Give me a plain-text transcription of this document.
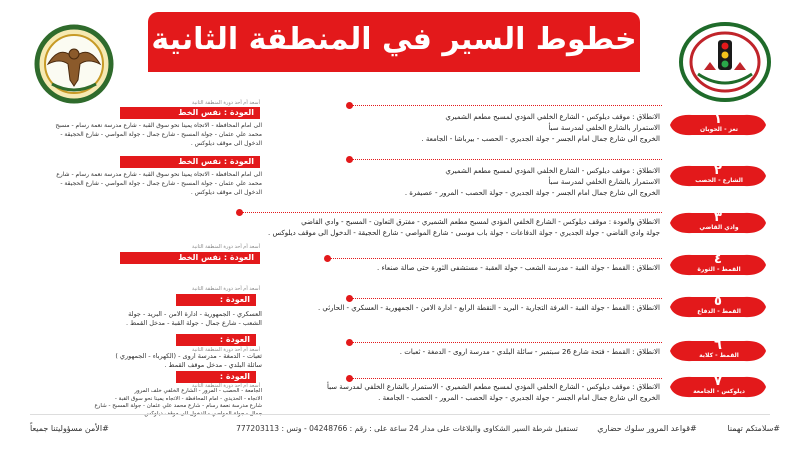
خطوط السير في المنطقة الثانية
أسعد أم أحد دورة المنطقة الثانية
العودة : نفس الخط
الى امام المحافظة - الاتجاه يمينا نحو سوق القبة - شارع مدرسة نعمة رسام - مسبح
محمد علي عثمان - جولة المسبح - شارع جمال - جولة المواصي - شارع الحجيقة -
الدخول الى موقف ديلوكس .
الانطلاق : موقف ديلوكس - الشارع الخلفي المؤدي لمسبح مطعم الشميري
الاستمرار بالشارع الخلفي لمدرسة سبأ
الخروج الى شارع جمال امام الجسر - جولة الجديري - الحصب - بيرباشا - الجامعة .
١
تعز - الحوبان
العودة : نفس الخط
الى امام المحافظة - الاتجاه يمينا نحو سوق القبة - شارع مدرسة نعمة رسام - شارع
محمد علي عثمان - جولة المسبح - شارع جمال - جولة المواصي - شارع الحجيقة -
الدخول الى موقف ديلوكس .
الانطلاق : موقف ديلوكس - الشارع الخلفي المؤدي لمسبح مطعم الشميري
الاستمرار بالشارع الخلفي لمدرسة سبأ
الخروج الى شارع جمال امام الجسر - جولة الجديري - جولة الحصب - المرور - عصيفرة .
٢
الشارع - الحصب
الانطلاق والعودة : موقف ديلوكس - الشارع الخلفي المؤدي لمسبح مطعم الشميري - مفترق التعاون - المسبح - وادي القاضي
جولة وادي القاضي - جولة الجديري - جولة الدفاعات - جولة باب موسى - شارع المواصي - شارع الحجيقة - الدخول الى موقف ديلوكس .
٣
وادي القاضي
أسعد أم أحد دورة المنطقة الثانية
العودة : نفس الخط
الانطلاق : القمط - جولة القبة - مدرسة الشعب - جولة العقبة - مستشفى الثورة حتى صالة صنعاء .
٤
القمط - الثورة
أسعد أم أحد دورة المنطقة الثانية
العودة :
العسكري - الجمهورية - ادارة الامن - البريد - جولة
الشعب - شارع جمال - جولة القبة - مدخل القمط .
الانطلاق : القمط - جولة القبة - الغرفة التجارية - البريد - النقطة الرابع - ادارة الامن - الجمهورية - العسكري - الحارثي .	٥
القمط - الدفاع
العودة :
أسعد أم أحد دورة المنطقة الثانية
ثعبات - الدمغة - مدرسة اروى - (الكهرباء - الجمهوري )
سائلة البلدي - مدخل موقف القمط .
الانطلاق : القمط - فتحة شارع 26 سبتمبر - سائلة البلدي - مدرسة اروى - الدمغة - ثعبات .	٦
القمط - كلابة
العودة :
أسعد أم أحد دورة المنطقة الثانية
الجامعة - الحصب - المرور - الشارع الخلفي خلف المرور
الاتجاه - الحديدي - امام المحافظة - الاتجاه يمينا نحو سوق القبة -
شارع مدرسة نعمة رسام - شارع محمد علي عثمان - جولة المسبح - شارع
جمال - جولة المواصي - الدخول الى موقف ديلوكس .
الانطلاق : موقف ديلوكس - الشارع الخلفي المؤدي لمسبح مطعم الشميري - الاستمرار بالشارع الخلفي لمدرسة سبأ
الخروج الى شارع جمال امام الجسر - جولة الجديري - جولة الحصب - المرور - الحصب - الجامعة .
٧
ديلوكس - الجامعة
#الأمن مسؤوليتنا جميعاً	تستقبل شرطة السير الشكاوى والبلاغات على مدار 24 ساعة على : رقم : 04248766 - وتس : 777203113	#قواعد المرور سلوك حضاري	#سلامتكم تهمنا
